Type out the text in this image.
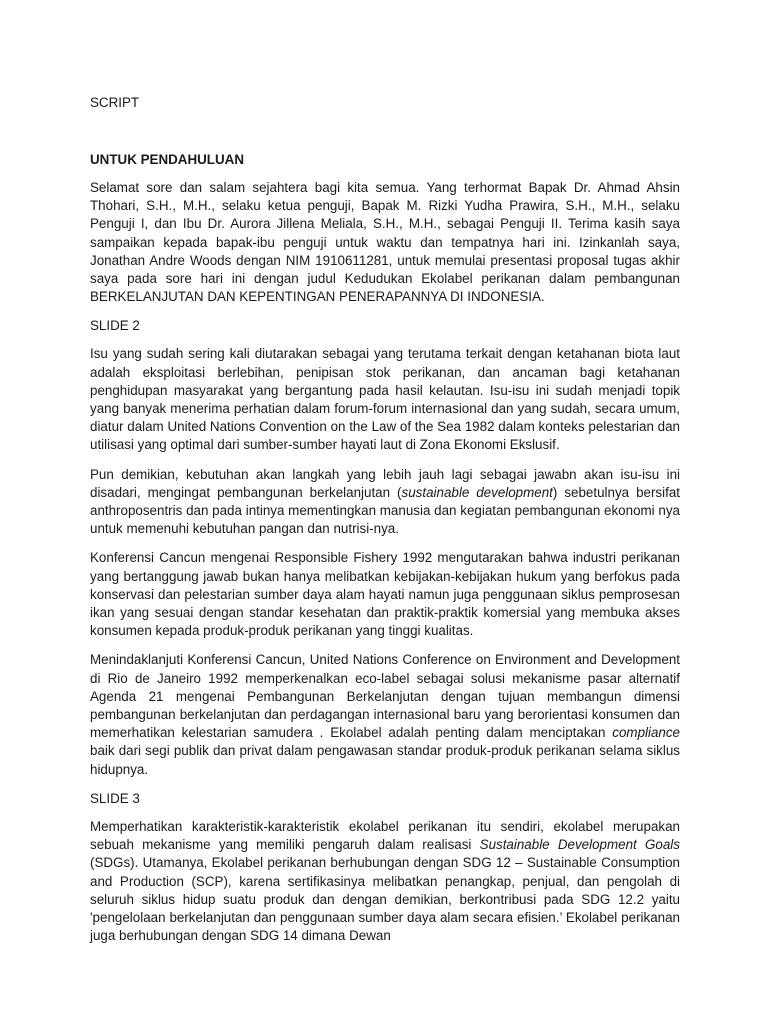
SCRIPT
UNTUK PENDAHULUAN

Selamat sore dan salam sejahtera bagi kita semua. Yang terhormat Bapak Dr. Ahmad Ahsin Thohari, S.H., M.H., selaku ketua penguji, Bapak M. Rizki Yudha Prawira, S.H., M.H., selaku Penguji I, dan Ibu Dr. Aurora Jillena Meliala, S.H., M.H., sebagai Penguji II. Terima kasih saya sampaikan kepada bapak-ibu penguji untuk waktu dan tempatnya hari ini. Izinkanlah saya, Jonathan Andre Woods dengan NIM 1910611281, untuk memulai presentasi proposal tugas akhir saya pada sore hari ini dengan judul Kedudukan Ekolabel perikanan dalam pembangunan BERKELANJUTAN DAN KEPENTINGAN PENERAPANNYA DI INDONESIA.

SLIDE 2

Isu yang sudah sering kali diutarakan sebagai yang terutama terkait dengan ketahanan biota laut adalah eksploitasi berlebihan, penipisan stok perikanan, dan ancaman bagi ketahanan penghidupan masyarakat yang bergantung pada hasil kelautan. Isu-isu ini sudah menjadi topik yang banyak menerima perhatian dalam forum-forum internasional dan yang sudah, secara umum, diatur dalam United Nations Convention on the Law of the Sea 1982 dalam konteks pelestarian dan utilisasi yang optimal dari sumber-sumber hayati laut di Zona Ekonomi Ekslusif.

Pun demikian, kebutuhan akan langkah yang lebih jauh lagi sebagai jawabn akan isu-isu ini disadari, mengingat pembangunan berkelanjutan (sustainable development) sebetulnya bersifat anthroposentris dan pada intinya mementingkan manusia dan kegiatan pembangunan ekonomi nya untuk memenuhi kebutuhan pangan dan nutrisi-nya.

Konferensi Cancun mengenai Responsible Fishery 1992 mengutarakan bahwa industri perikanan yang bertanggung jawab bukan hanya melibatkan kebijakan-kebijakan hukum yang berfokus pada konservasi dan pelestarian sumber daya alam hayati namun juga penggunaan siklus pemprosesan ikan yang sesuai dengan standar kesehatan dan praktik-praktik komersial yang membuka akses konsumen kepada produk-produk perikanan yang tinggi kualitas.

Menindaklanjuti Konferensi Cancun, United Nations Conference on Environment and Development di Rio de Janeiro 1992 memperkenalkan eco-label sebagai solusi mekanisme pasar alternatif Agenda 21 mengenai Pembangunan Berkelanjutan dengan tujuan membangun dimensi pembangunan berkelanjutan dan perdagangan internasional baru yang berorientasi konsumen dan memerhatikan kelestarian samudera . Ekolabel adalah penting dalam menciptakan compliance baik dari segi publik dan privat dalam pengawasan standar produk-produk perikanan selama siklus hidupnya.

SLIDE 3

Memperhatikan karakteristik-karakteristik ekolabel perikanan itu sendiri, ekolabel merupakan sebuah mekanisme yang memiliki pengaruh dalam realisasi Sustainable Development Goals (SDGs). Utamanya, Ekolabel perikanan berhubungan dengan SDG 12 – Sustainable Consumption and Production (SCP), karena sertifikasinya melibatkan penangkap, penjual, dan pengolah di seluruh siklus hidup suatu produk dan dengan demikian, berkontribusi pada SDG 12.2 yaitu 'pengelolaan berkelanjutan dan penggunaan sumber daya alam secara efisien.’ Ekolabel perikanan juga berhubungan dengan SDG 14 dimana Dewan
